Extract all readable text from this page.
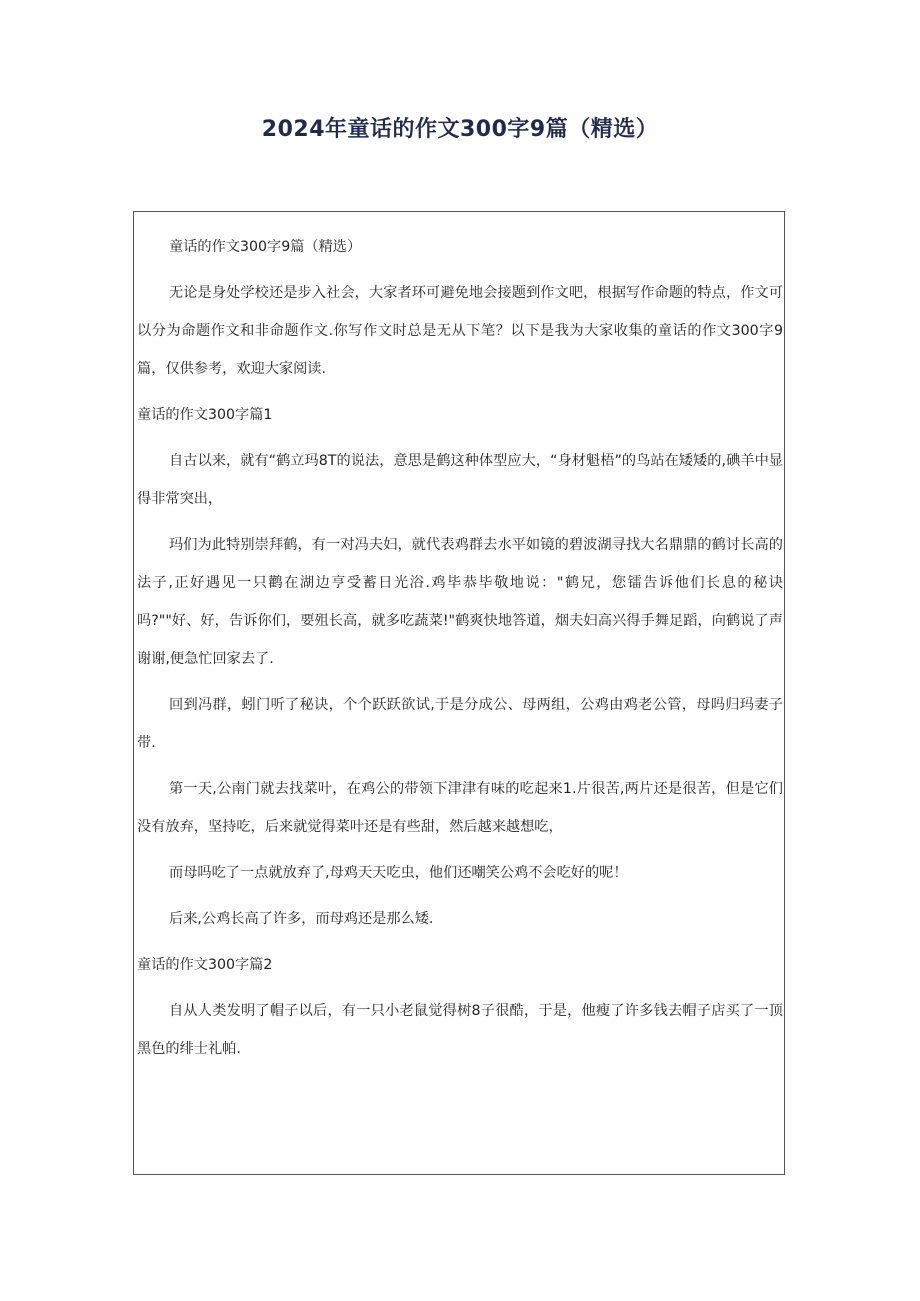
2024年童话的作文300字9篇（精选）

童话的作文300字9篇（精选）

无论是身处学校还是步入社会，大家者环可避免地会接题到作文吧，根据写作命题的特点，作文可以分为命题作文和非命题作文.你写作文时总是无从下笔？以下是我为大家收集的童话的作文300字9篇，仅供参考，欢迎大家阅读.

童话的作文300字篇1

自古以来，就有“鹤立玛8T的说法，意思是鹤这种体型应大，“身材魁梧”的鸟站在矮矮的,碘羊中显得非常突出，

玛们为此特别崇拜鹤，有一对冯夫妇，就代表鸡群去水平如镜的碧波湖寻找大名鼎鼎的鹤讨长高的法子,正好遇见一只鹳在湖边亨受蓄日光浴.鸡毕恭毕敬地说："鹤兄，您镭告诉他们长息的秘诀吗?""好、好，告诉你们，要殂长高，就多吃蔬菜!"鹤爽快地答道，烟夫妇高兴得手舞足蹈，向鹤说了声谢谢,便急忙回家去了.

回到冯群，蚓门听了秘诀，个个跃跃欲试,于是分成公、母两组，公鸡由鸡老公管，母吗归玛妻子带.

第一天,公南门就去找菜叶，在鸡公的带领下津津有味的吃起来1.片很苦,两片还是很苦，但是它们没有放弃，坚持吃，后来就觉得菜叶还是有些甜，然后越来越想吃，

而母吗吃了一点就放弃了,母鸡天天吃虫，他们还嘲笑公鸡不会吃好的呢！

后来,公鸡长高了许多，而母鸡还是那么矮.

童话的作文300字篇2

自从人类发明了帽子以后，有一只小老鼠觉得树8子很酷，于是，他瘦了许多钱去帽子店买了一顶黑色的绯士礼帕.
